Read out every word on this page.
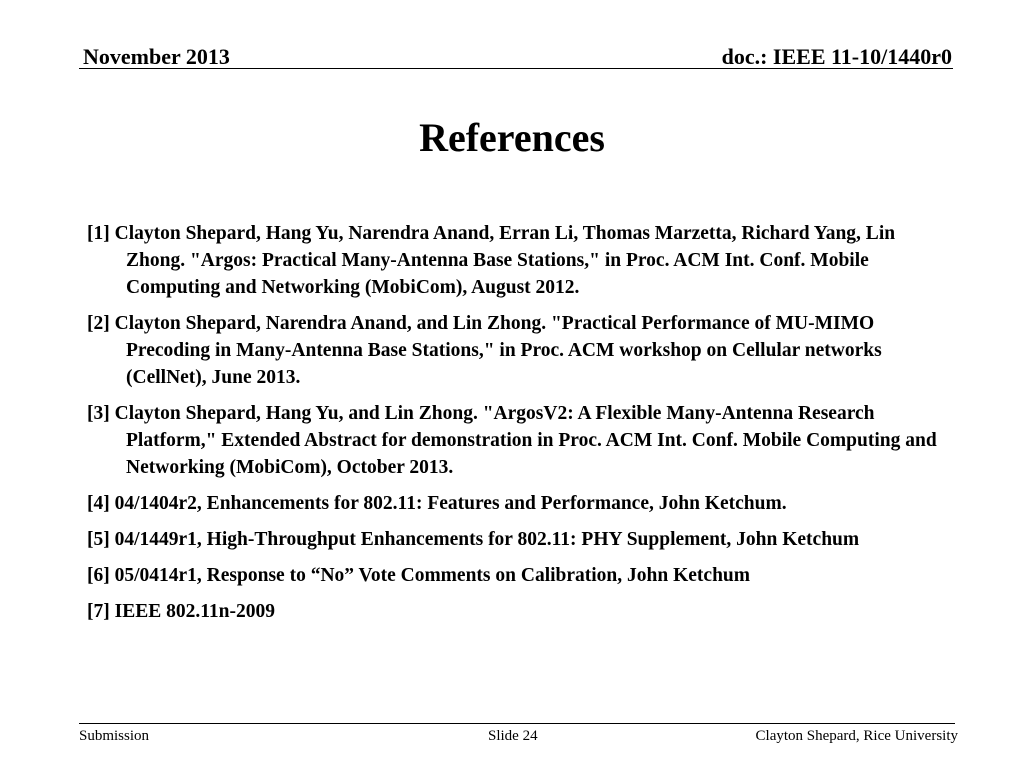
November 2013	doc.: IEEE 11-10/1440r0
References
[1] Clayton Shepard, Hang Yu, Narendra Anand, Erran Li, Thomas Marzetta, Richard Yang, Lin Zhong. "Argos: Practical Many-Antenna Base Stations," in Proc. ACM Int. Conf. Mobile Computing and Networking (MobiCom), August 2012.
[2] Clayton Shepard, Narendra Anand, and Lin Zhong. "Practical Performance of MU-MIMO Precoding in Many-Antenna Base Stations," in Proc. ACM workshop on Cellular networks (CellNet), June 2013.
[3] Clayton Shepard, Hang Yu, and Lin Zhong. "ArgosV2: A Flexible Many-Antenna Research Platform," Extended Abstract for demonstration in Proc. ACM Int. Conf. Mobile Computing and Networking (MobiCom), October 2013.
[4] 04/1404r2, Enhancements for 802.11: Features and Performance, John Ketchum.
[5] 04/1449r1, High-Throughput Enhancements for 802.11: PHY Supplement, John Ketchum
[6] 05/0414r1, Response to “No” Vote Comments on Calibration, John Ketchum
[7] IEEE 802.11n-2009
Submission	Slide 24	Clayton Shepard, Rice University
